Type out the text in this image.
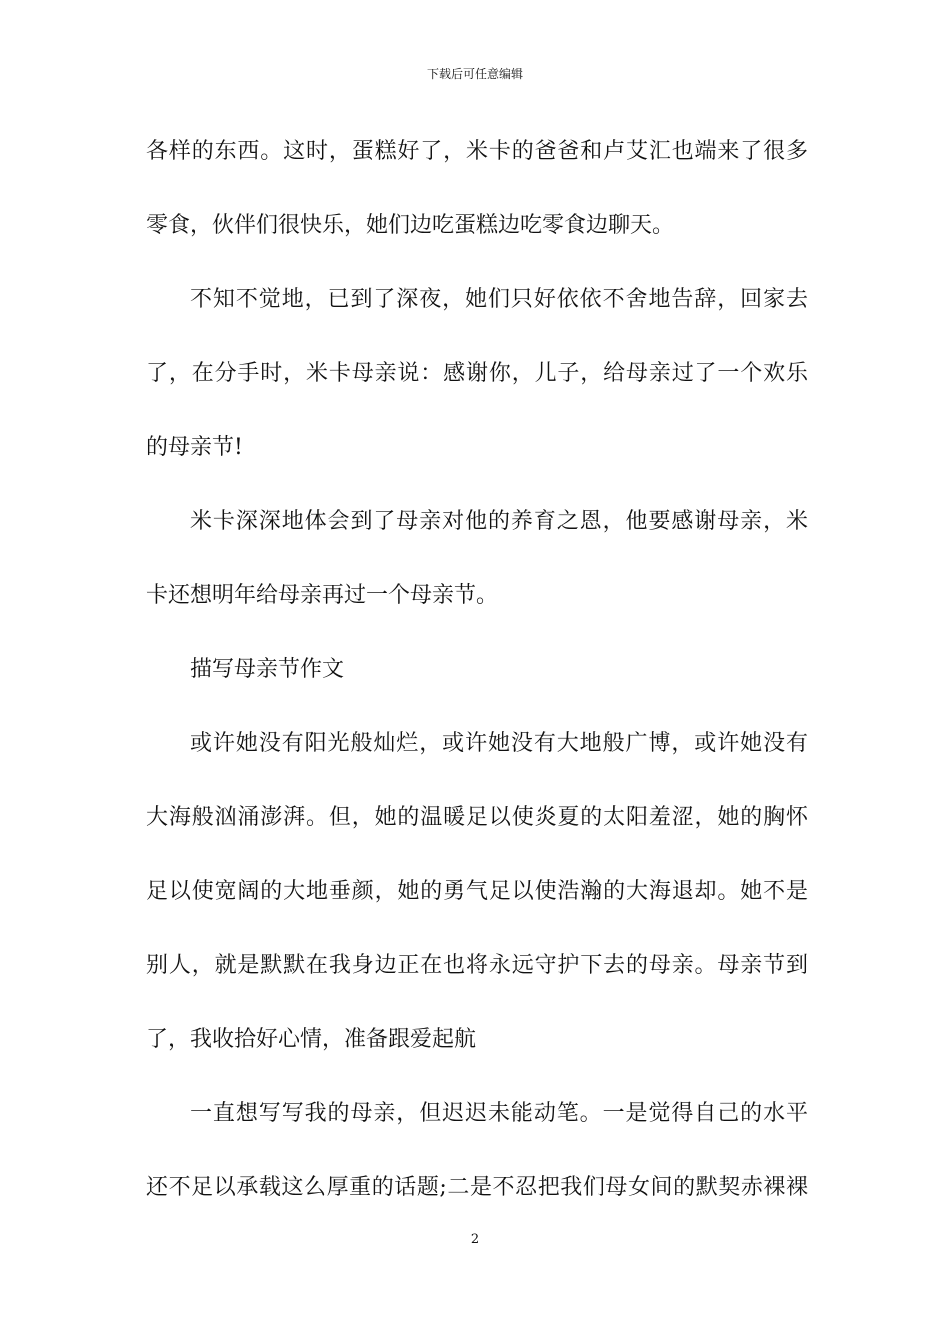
下载后可任意编辑
各样的东西。这时，蛋糕好了，米卡的爸爸和卢艾汇也端来了很多
零食，伙伴们很快乐，她们边吃蛋糕边吃零食边聊天。
不知不觉地，已到了深夜，她们只好依依不舍地告辞，回家去
了，在分手时，米卡母亲说：感谢你，儿子，给母亲过了一个欢乐
的母亲节!
米卡深深地体会到了母亲对他的养育之恩，他要感谢母亲，米
卡还想明年给母亲再过一个母亲节。
描写母亲节作文
或许她没有阳光般灿烂，或许她没有大地般广博，或许她没有
大海般汹涌澎湃。但，她的温暖足以使炎夏的太阳羞涩，她的胸怀
足以使宽阔的大地垂颜，她的勇气足以使浩瀚的大海退却。她不是
别人，就是默默在我身边正在也将永远守护下去的母亲。母亲节到
了，我收拾好心情，准备跟爱起航
一直想写写我的母亲，但迟迟未能动笔。一是觉得自己的水平
还不足以承载这么厚重的话题;二是不忍把我们母女间的默契赤裸裸
2
